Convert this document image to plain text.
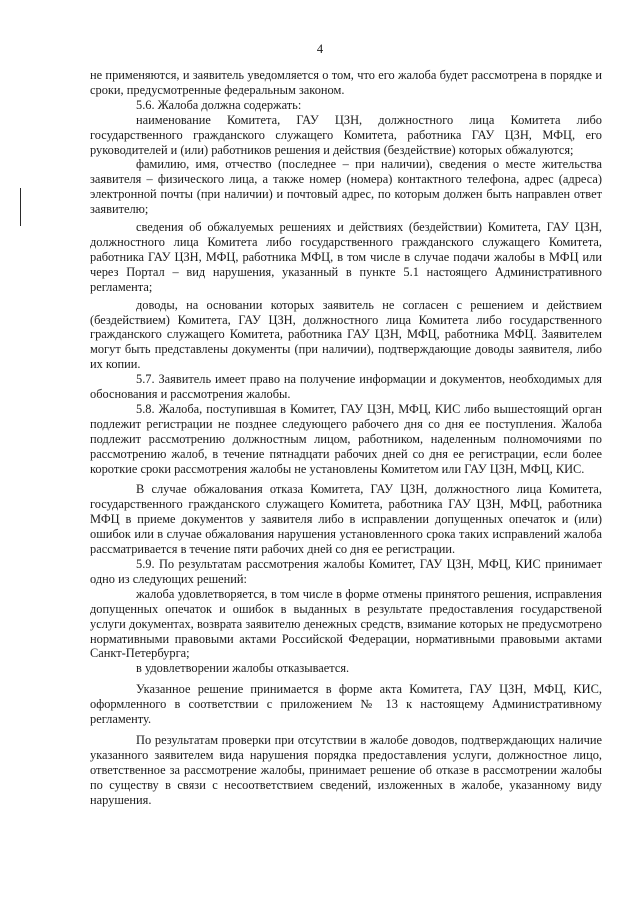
4

не применяются, и заявитель уведомляется о том, что его жалоба будет рассмотрена в порядке и сроки, предусмотренные федеральным законом.

5.6. Жалоба должна содержать:

наименование Комитета, ГАУ ЦЗН, должностного лица Комитета либо государственного гражданского служащего Комитета, работника ГАУ ЦЗН, МФЦ, его руководителей и (или) работников решения и действия (бездействие) которых обжалуются;

фамилию, имя, отчество (последнее – при наличии), сведения о месте жительства заявителя – физического лица, а также номер (номера) контактного телефона, адрес (адреса) электронной почты (при наличии) и почтовый адрес, по которым должен быть направлен ответ заявителю;

сведения об обжалуемых решениях и действиях (бездействии) Комитета, ГАУ ЦЗН, должностного лица Комитета либо государственного гражданского служащего Комитета, работника ГАУ ЦЗН, МФЦ, работника МФЦ, в том числе в случае подачи жалобы в МФЦ или через Портал – вид нарушения, указанный в пункте 5.1 настоящего Административного регламента;

доводы, на основании которых заявитель не согласен с решением и действием (бездействием) Комитета, ГАУ ЦЗН, должностного лица Комитета либо государственного гражданского служащего Комитета, работника ГАУ ЦЗН, МФЦ, работника МФЦ. Заявителем могут быть представлены документы (при наличии), подтверждающие доводы заявителя, либо их копии.

5.7. Заявитель имеет право на получение информации и документов, необходимых для обоснования и рассмотрения жалобы.

5.8. Жалоба, поступившая в Комитет, ГАУ ЦЗН, МФЦ, КИС либо вышестоящий орган подлежит регистрации не позднее следующего рабочего дня со дня ее поступления. Жалоба подлежит рассмотрению должностным лицом, работником, наделенным полномочиями по рассмотрению жалоб, в течение пятнадцати рабочих дней со дня ее регистрации, если более короткие сроки рассмотрения жалобы не установлены Комитетом или ГАУ ЦЗН, МФЦ, КИС.

В случае обжалования отказа Комитета, ГАУ ЦЗН, должностного лица Комитета, государственного гражданского служащего Комитета, работника ГАУ ЦЗН, МФЦ, работника МФЦ в приеме документов у заявителя либо в исправлении допущенных опечаток и (или) ошибок или в случае обжалования нарушения установленного срока таких исправлений жалоба рассматривается в течение пяти рабочих дней со дня ее регистрации.

5.9. По результатам рассмотрения жалобы Комитет, ГАУ ЦЗН, МФЦ, КИС принимает одно из следующих решений:

жалоба удовлетворяется, в том числе в форме отмены принятого решения, исправления допущенных опечаток и ошибок в выданных в результате предоставления государственой услуги документах, возврата заявителю денежных средств, взимание которых не предусмотрено нормативными правовыми актами Российской Федерации, нормативными правовыми актами Санкт-Петербурга;

в удовлетворении жалобы отказывается.

Указанное решение принимается в форме акта Комитета, ГАУ ЦЗН, МФЦ, КИС, оформленного в соответствии с приложением № 13 к настоящему Административному регламенту.

По результатам проверки при отсутствии в жалобе доводов, подтверждающих наличие указанного заявителем вида нарушения порядка предоставления услуги, должностное лицо, ответственное за рассмотрение жалобы, принимает решение об отказе в рассмотрении жалобы по существу в связи с несоответствием сведений, изложенных в жалобе, указанному виду нарушения.
